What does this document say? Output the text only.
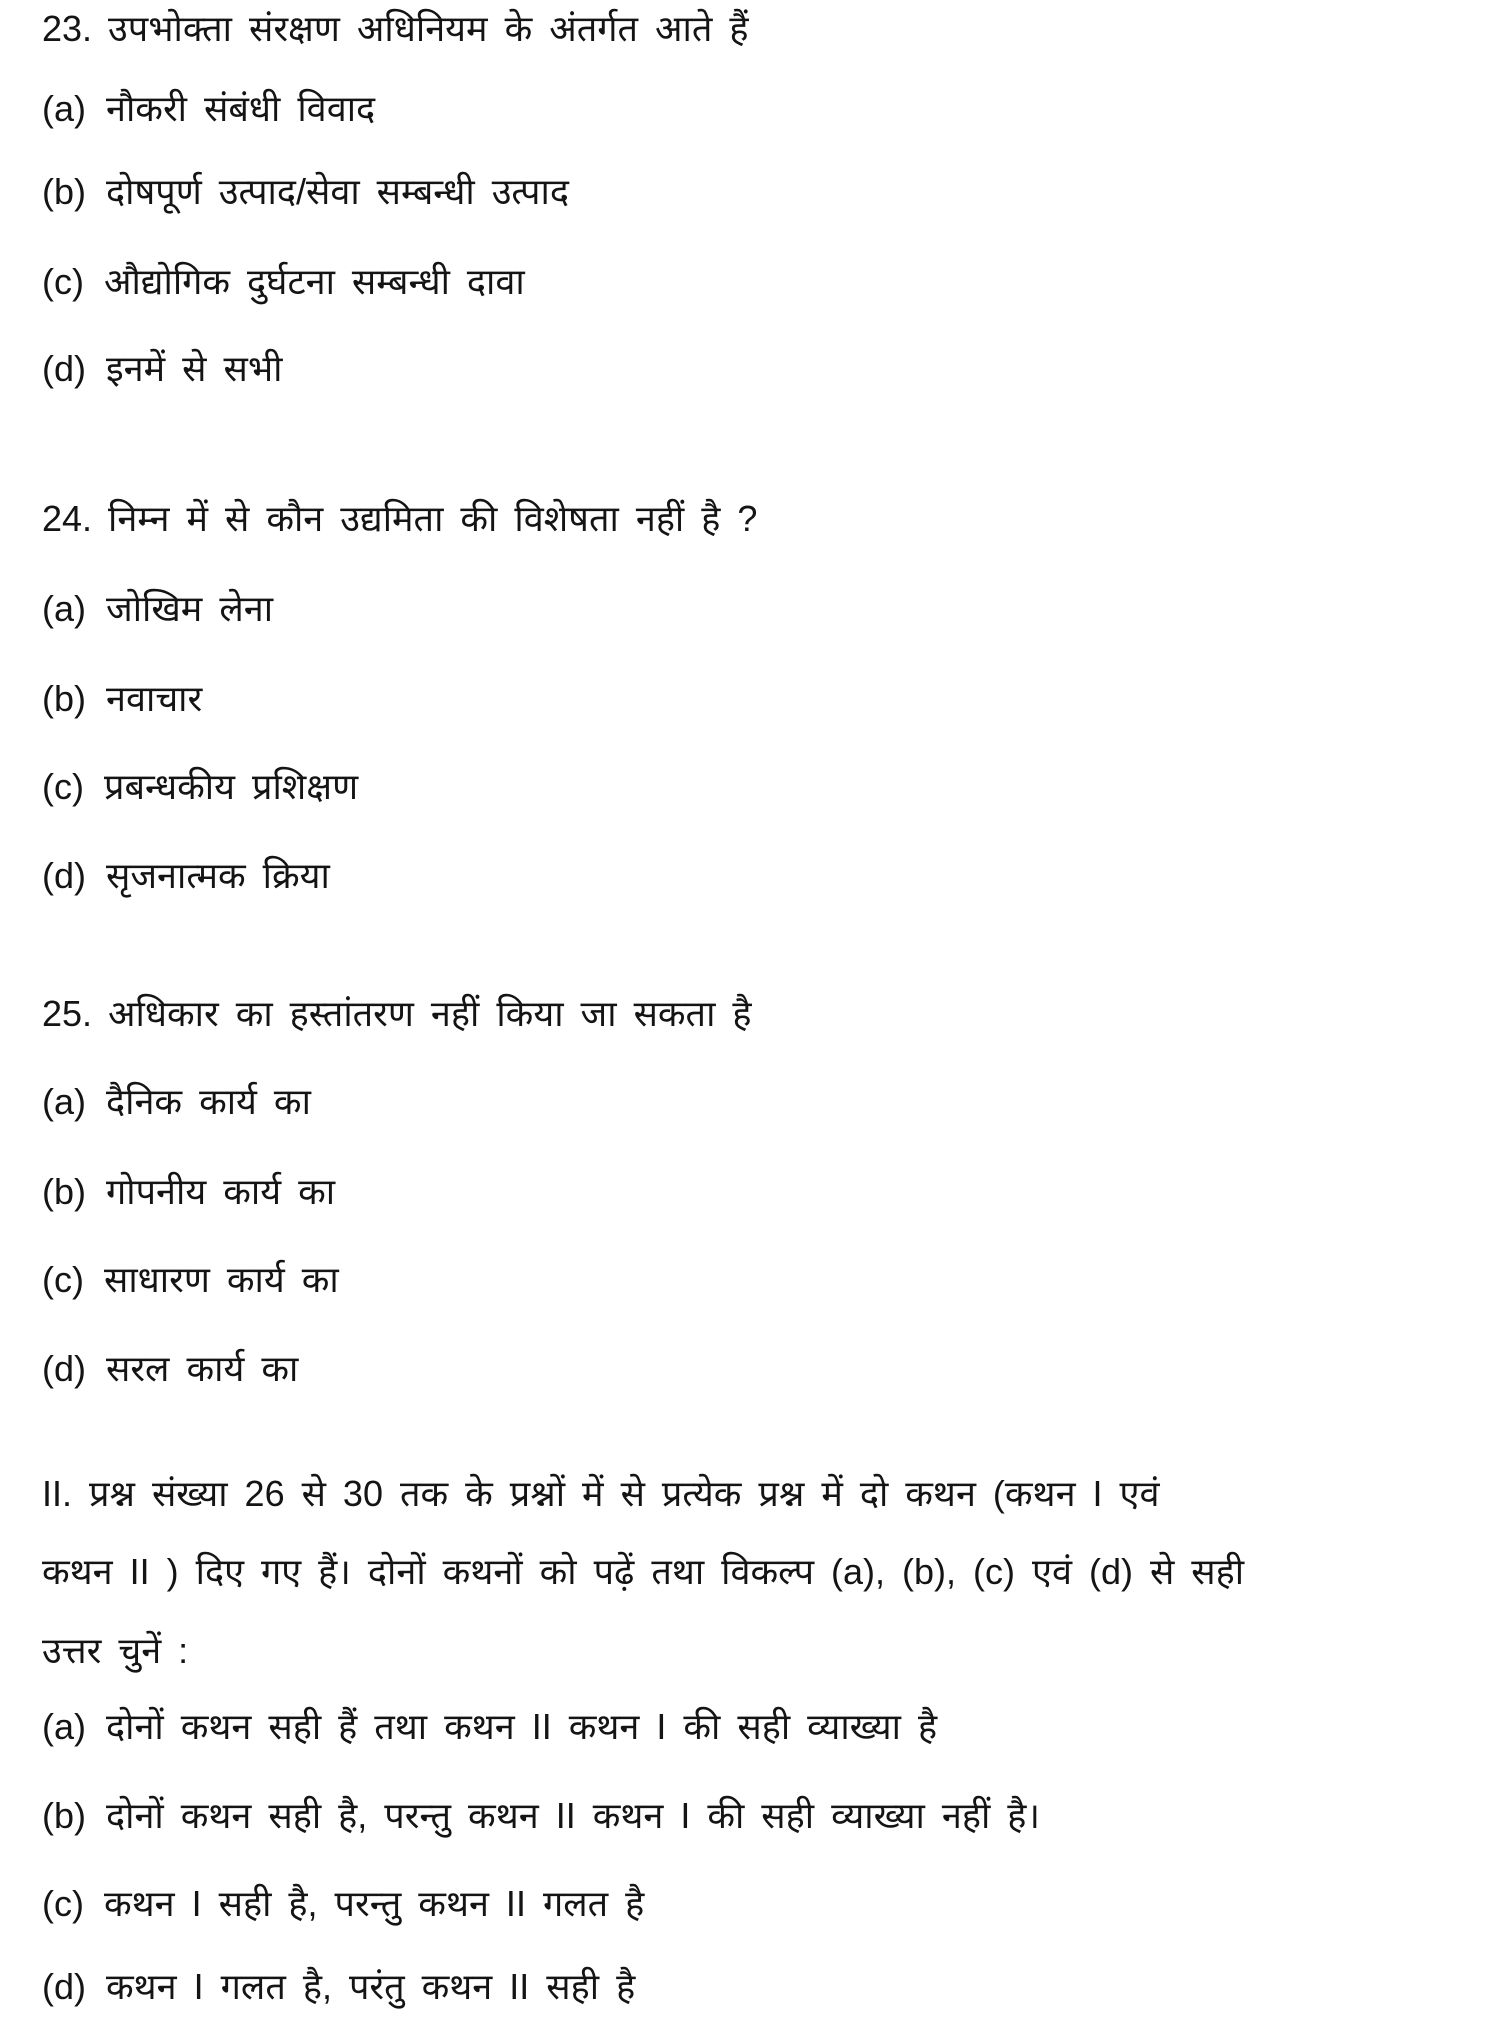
23. उपभोक्ता संरक्षण अधिनियम के अंतर्गत आते हैं
(a) नौकरी संबंधी विवाद
(b) दोषपूर्ण उत्पाद/सेवा सम्बन्धी उत्पाद
(c) औद्योगिक दुर्घटना सम्बन्धी दावा
(d) इनमें से सभी
24. निम्न में से कौन उद्यमिता की विशेषता नहीं है ?
(a) जोखिम लेना
(b) नवाचार
(c) प्रबन्धकीय प्रशिक्षण
(d) सृजनात्मक क्रिया
25. अधिकार का हस्तांतरण नहीं किया जा सकता है
(a) दैनिक कार्य का
(b) गोपनीय कार्य का
(c) साधारण कार्य का
(d) सरल कार्य का
II. प्रश्न संख्या 26 से 30 तक के प्रश्नों में से प्रत्येक प्रश्न में दो कथन (कथन I एवं
कथन II ) दिए गए हैं। दोनों कथनों को पढ़ें तथा विकल्प (a), (b), (c) एवं (d) से सही
उत्तर चुनें :
(a) दोनों कथन सही हैं तथा कथन II कथन I की सही व्याख्या है
(b) दोनों कथन सही है, परन्तु कथन II कथन I की सही व्याख्या नहीं है।
(c) कथन I सही है, परन्तु कथन II गलत है
(d) कथन I गलत है, परंतु कथन II सही है
